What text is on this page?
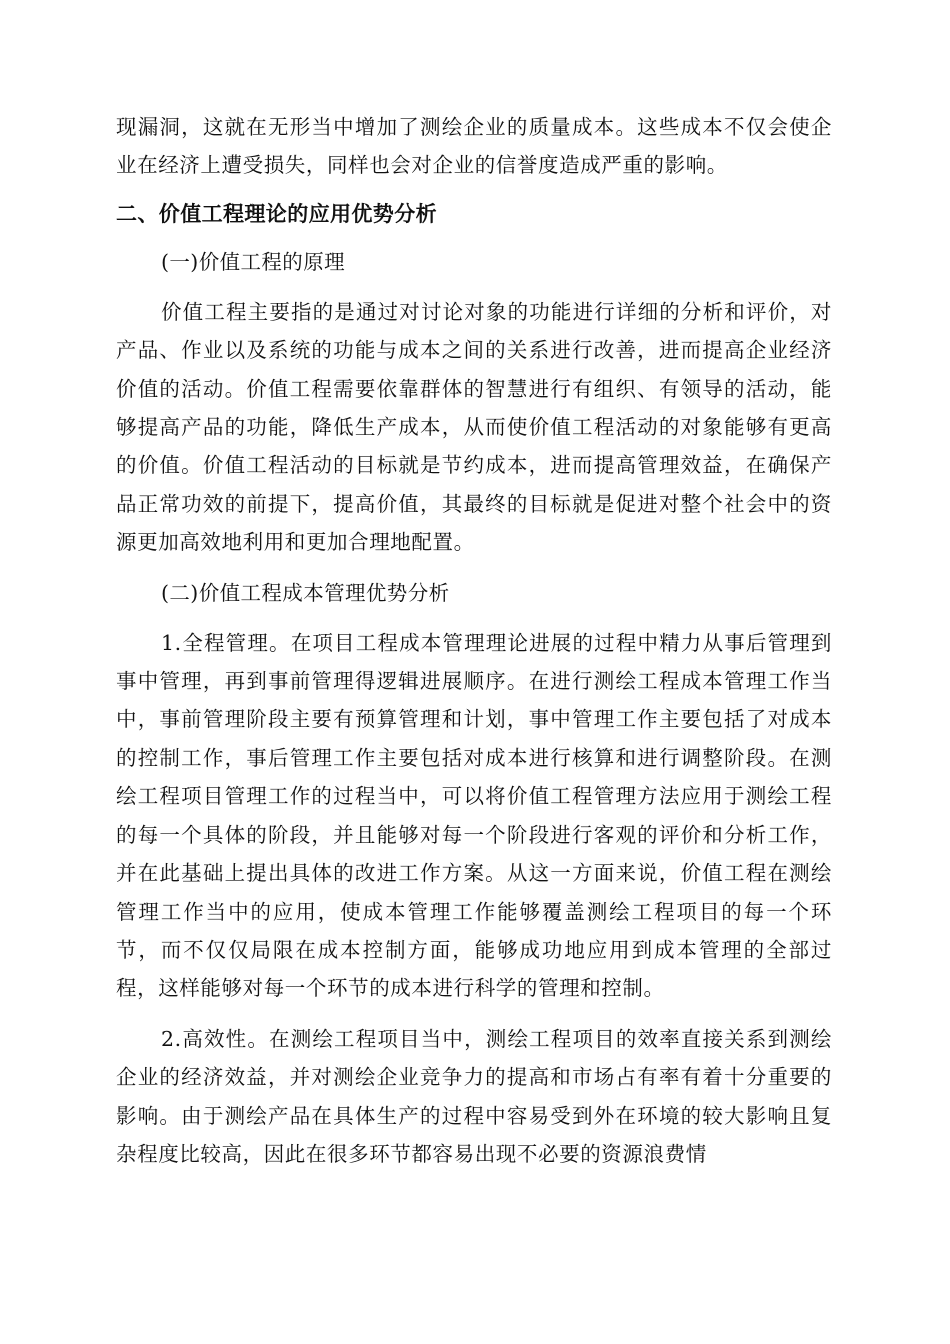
现漏洞，这就在无形当中增加了测绘企业的质量成本。这些成本不仅会使企业在经济上遭受损失，同样也会对企业的信誉度造成严重的影响。

二、价值工程理论的应用优势分析

(一)价值工程的原理

价值工程主要指的是通过对讨论对象的功能进行详细的分析和评价，对产品、作业以及系统的功能与成本之间的关系进行改善，进而提高企业经济价值的活动。价值工程需要依靠群体的智慧进行有组织、有领导的活动，能够提高产品的功能，降低生产成本，从而使价值工程活动的对象能够有更高的价值。价值工程活动的目标就是节约成本，进而提高管理效益，在确保产品正常功效的前提下，提高价值，其最终的目标就是促进对整个社会中的资源更加高效地利用和更加合理地配置。

(二)价值工程成本管理优势分析

1.全程管理。在项目工程成本管理理论进展的过程中精力从事后管理到事中管理，再到事前管理得逻辑进展顺序。在进行测绘工程成本管理工作当中，事前管理阶段主要有预算管理和计划，事中管理工作主要包括了对成本的控制工作，事后管理工作主要包括对成本进行核算和进行调整阶段。在测绘工程项目管理工作的过程当中，可以将价值工程管理方法应用于测绘工程的每一个具体的阶段，并且能够对每一个阶段进行客观的评价和分析工作，并在此基础上提出具体的改进工作方案。从这一方面来说，价值工程在测绘管理工作当中的应用，使成本管理工作能够覆盖测绘工程项目的每一个环节，而不仅仅局限在成本控制方面，能够成功地应用到成本管理的全部过程，这样能够对每一个环节的成本进行科学的管理和控制。

2.高效性。在测绘工程项目当中，测绘工程项目的效率直接关系到测绘企业的经济效益，并对测绘企业竞争力的提高和市场占有率有着十分重要的影响。由于测绘产品在具体生产的过程中容易受到外在环境的较大影响且复杂程度比较高，因此在很多环节都容易出现不必要的资源浪费情
